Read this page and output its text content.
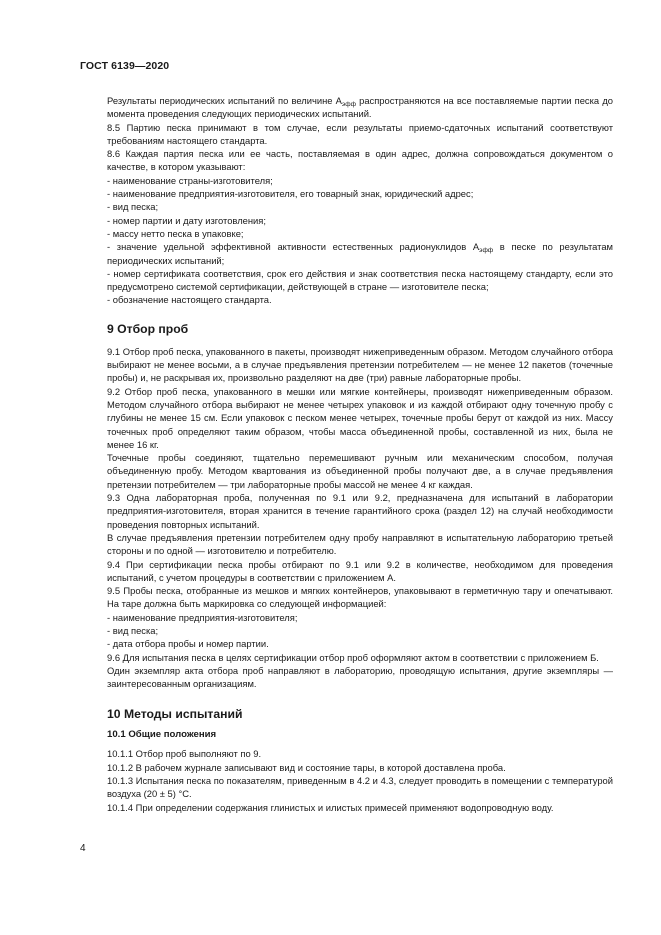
ГОСТ 6139—2020
Результаты периодических испытаний по величине $А_{эфф}$ распространяются на все поставляемые партии песка до момента проведения следующих периодических испытаний.
8.5 Партию песка принимают в том случае, если результаты приемо-сдаточных испытаний соответствуют требованиям настоящего стандарта.
8.6 Каждая партия песка или ее часть, поставляемая в один адрес, должна сопровождаться документом о качестве, в котором указывают:
- наименование страны-изготовителя;
- наименование предприятия-изготовителя, его товарный знак, юридический адрес;
- вид песка;
- номер партии и дату изготовления;
- массу нетто песка в упаковке;
- значение удельной эффективной активности естественных радионуклидов $А_{эфф}$ в песке по результатам периодических испытаний;
- номер сертификата соответствия, срок его действия и знак соответствия песка настоящему стандарту, если это предусмотрено системой сертификации, действующей в стране — изготовителе песка;
- обозначение настоящего стандарта.
9 Отбор проб
9.1 Отбор проб песка, упакованного в пакеты, производят нижеприведенным образом. Методом случайного отбора выбирают не менее восьми, а в случае предъявления претензии потребителем — не менее 12 пакетов (точечные пробы) и, не раскрывая их, произвольно разделяют на две (три) равные лабораторные пробы.
9.2 Отбор проб песка, упакованного в мешки или мягкие контейнеры, производят нижеприведенным образом. Методом случайного отбора выбирают не менее четырех упаковок и из каждой отбирают одну точечную пробу с глубины не менее 15 см. Если упаковок с песком менее четырех, точечные пробы берут от каждой из них. Массу точечных проб определяют таким образом, чтобы масса объединенной пробы, составленной из них, была не менее 16 кг.
Точечные пробы соединяют, тщательно перемешивают ручным или механическим способом, получая объединенную пробу. Методом квартования из объединенной пробы получают две, а в случае предъявления претензии потребителем — три лабораторные пробы массой не менее 4 кг каждая.
9.3 Одна лабораторная проба, полученная по 9.1 или 9.2, предназначена для испытаний в лаборатории предприятия-изготовителя, вторая хранится в течение гарантийного срока (раздел 12) на случай необходимости проведения повторных испытаний.
В случае предъявления претензии потребителем одну пробу направляют в испытательную лабораторию третьей стороны и по одной — изготовителю и потребителю.
9.4 При сертификации песка пробы отбирают по 9.1 или 9.2 в количестве, необходимом для проведения испытаний, с учетом процедуры в соответствии с приложением А.
9.5 Пробы песка, отобранные из мешков и мягких контейнеров, упаковывают в герметичную тару и опечатывают. На таре должна быть маркировка со следующей информацией:
- наименование предприятия-изготовителя;
- вид песка;
- дата отбора пробы и номер партии.
9.6 Для испытания песка в целях сертификации отбор проб оформляют актом в соответствии с приложением Б.
Один экземпляр акта отбора проб направляют в лабораторию, проводящую испытания, другие экземпляры — заинтересованным организациям.
10 Методы испытаний
10.1 Общие положения
10.1.1 Отбор проб выполняют по 9.
10.1.2 В рабочем журнале записывают вид и состояние тары, в которой доставлена проба.
10.1.3 Испытания песка по показателям, приведенным в 4.2 и 4.3, следует проводить в помещении с температурой воздуха (20 ± 5) °С.
10.1.4 При определении содержания глинистых и илистых примесей применяют водопроводную воду.
4
